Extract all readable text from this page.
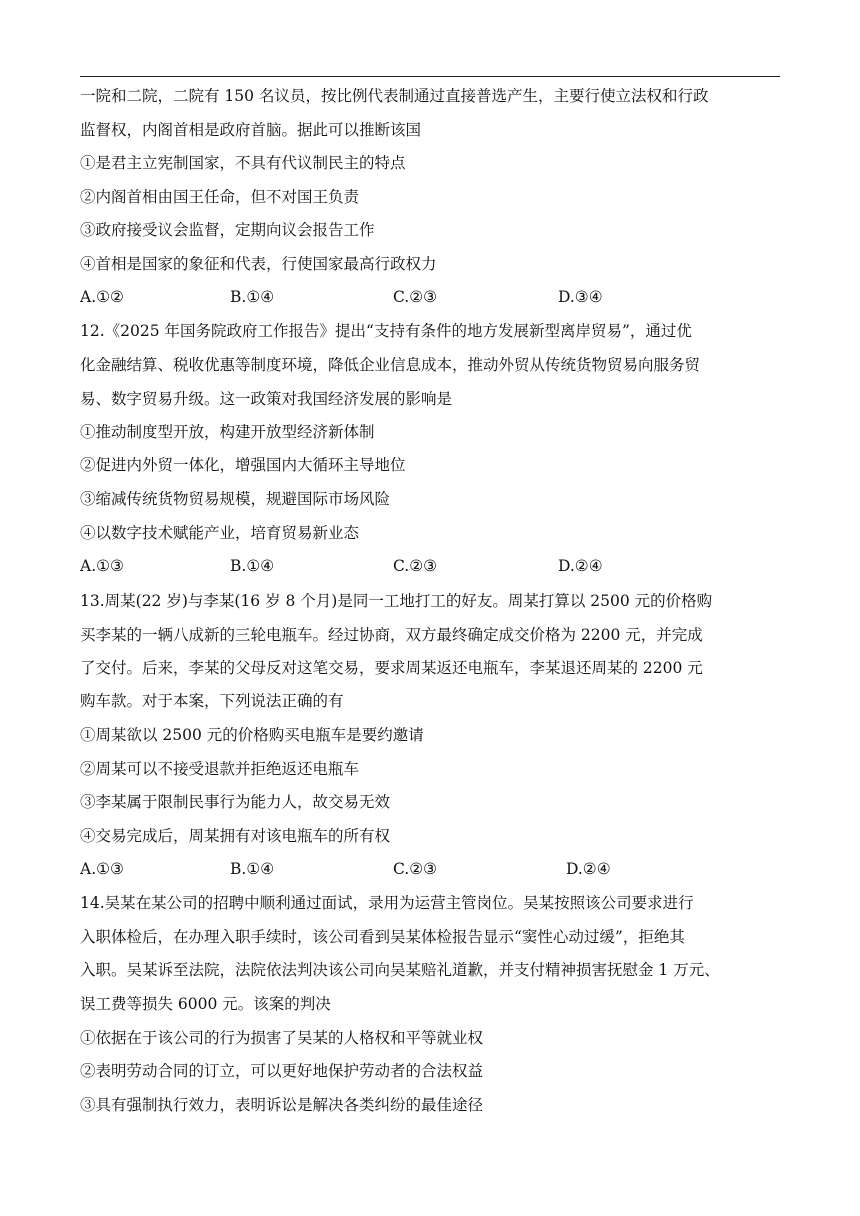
一院和二院，二院有 150 名议员，按比例代表制通过直接普选产生，主要行使立法权和行政
监督权，内阁首相是政府首脑。据此可以推断该国
①是君主立宪制国家，不具有代议制民主的特点
②内阁首相由国王任命，但不对国王负责
③政府接受议会监督，定期向议会报告工作
④首相是国家的象征和代表，行使国家最高行政权力
A.①②	B.①④	C.②③	D.③④
12.《2025 年国务院政府工作报告》提出“支持有条件的地方发展新型离岸贸易”，通过优
化金融结算、税收优惠等制度环境，降低企业信息成本，推动外贸从传统货物贸易向服务贸
易、数字贸易升级。这一政策对我国经济发展的影响是
①推动制度型开放，构建开放型经济新体制
②促进内外贸一体化，增强国内大循环主导地位
③缩减传统货物贸易规模，规避国际市场风险
④以数字技术赋能产业，培育贸易新业态
A.①③	B.①④	C.②③	D.②④
13.周某(22 岁)与李某(16 岁 8 个月)是同一工地打工的好友。周某打算以 2500 元的价格购
买李某的一辆八成新的三轮电瓶车。经过协商，双方最终确定成交价格为 2200 元，并完成
了交付。后来，李某的父母反对这笔交易，要求周某返还电瓶车，李某退还周某的 2200 元
购车款。对于本案，下列说法正确的有
①周某欲以 2500 元的价格购买电瓶车是要约邀请
②周某可以不接受退款并拒绝返还电瓶车
③李某属于限制民事行为能力人，故交易无效
④交易完成后，周某拥有对该电瓶车的所有权
A.①③	B.①④	C.②③	D.②④
14.吴某在某公司的招聘中顺利通过面试，录用为运营主管岗位。吴某按照该公司要求进行
入职体检后，在办理入职手续时，该公司看到吴某体检报告显示“窦性心动过缓”，拒绝其
入职。吴某诉至法院，法院依法判决该公司向吴某赔礼道歉，并支付精神损害抚慰金 1 万元、
误工费等损失 6000 元。该案的判决
①依据在于该公司的行为损害了吴某的人格权和平等就业权
②表明劳动合同的订立，可以更好地保护劳动者的合法权益
③具有强制执行效力，表明诉讼是解决各类纠纷的最佳途径
